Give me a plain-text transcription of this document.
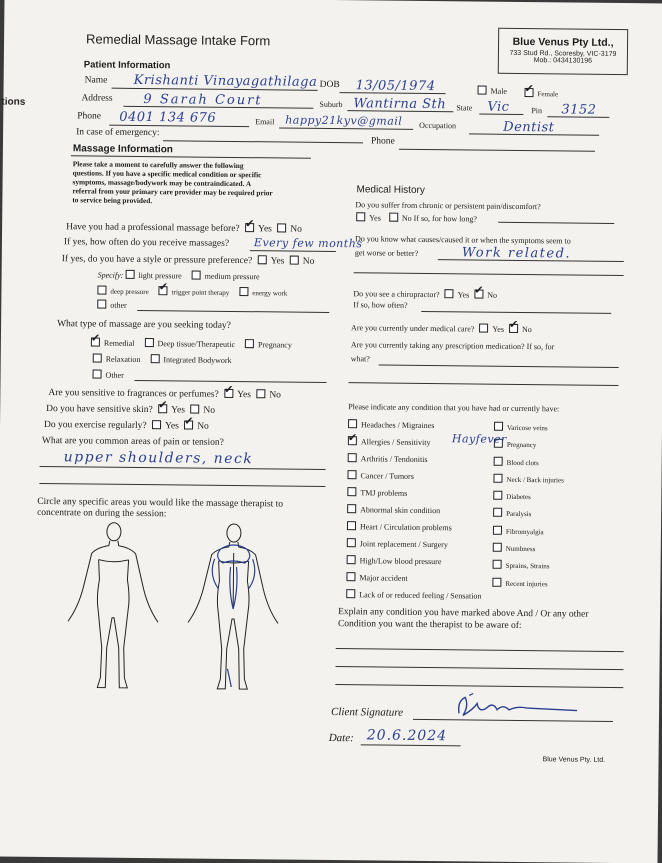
tions
Remedial Massage Intake Form	Blue Venus Pty Ltd.,
733 Stud Rd., Scoresby, VIC-3179
Mob.: 0434130196
Patient Information
Name Krishanti Vinayagathilaga DOB 13/05/1974	Male ✔	Female
Address 9 Sarah Court	Suburb Wantirna Sth State Vic	Pin 3152
Phone 0401 134 676	Email happy21kyv@gmail Occupation	Dentist
In case of emergency:
Phone
Massage Information
Please take a moment to carefully answer the following
questions. If you have a specific medical condition or specific
symptoms, massage/bodywork may be contraindicated. A
referral from your primary care provider may be required prior
to service being provided.
Have you had a professional massage before? ✔ Yes No
If yes, how often do you receive massages? Every few months
If yes, do you have a style or pressure preference? Yes No
Specify: light pressure	medium pressure
deep pressure ✔	trigger point therapy	energy work
other
What type of massage are you seeking today?
✔Remedial	Deep tissue/Therapeutic	Pregnancy
Relaxation	Integrated Bodywork
Other
Are you sensitive to fragrances or perfumes? ✔ Yes No
Do you have sensitive skin? ✔ Yes No
Do you exercise regularly? Yes ✔ No
What are you common areas of pain or tension?
upper shoulders, neck
Circle any specific areas you would like the massage therapist to
concentrate on during the session:
Medical History
Do you suffer from chronic or persistent pain/discomfort?
Yes	No If so, for how long?
Do you know what causes/caused it or when the symptoms seem to
get worse or better?	Work related.
Do you see a chiropractor? Yes ✔ No
If so, how often?
Are you currently under medical care? Yes ✔ No
Are you currently taking any prescription medication? If so, for
what?
Please indicate any condition that you have had or currently have:
Headaches / Migraines
✔Allergies / Sensitivity
Arthritis / Tendonitis
Cancer / Tumors
TMJ problems
Abnormal skin condition
Heart / Circulation problems
Joint replacement / Surgery
High/Low blood pressure
Major accident
Lack of or reduced feeling / Sensation
Varicose veins
Pregnancy
Blood clots
Neck / Back injuries
Diabetes
Paralysis
Fibromyalgia
Numbness
Sprains, Strains
Recent injuries
Hayfever
Explain any condition you have marked above And / Or any other
Condition you want the therapist to be aware of:
Client Signature
Date: 20.6.2024
Blue Venus Pty. Ltd.
